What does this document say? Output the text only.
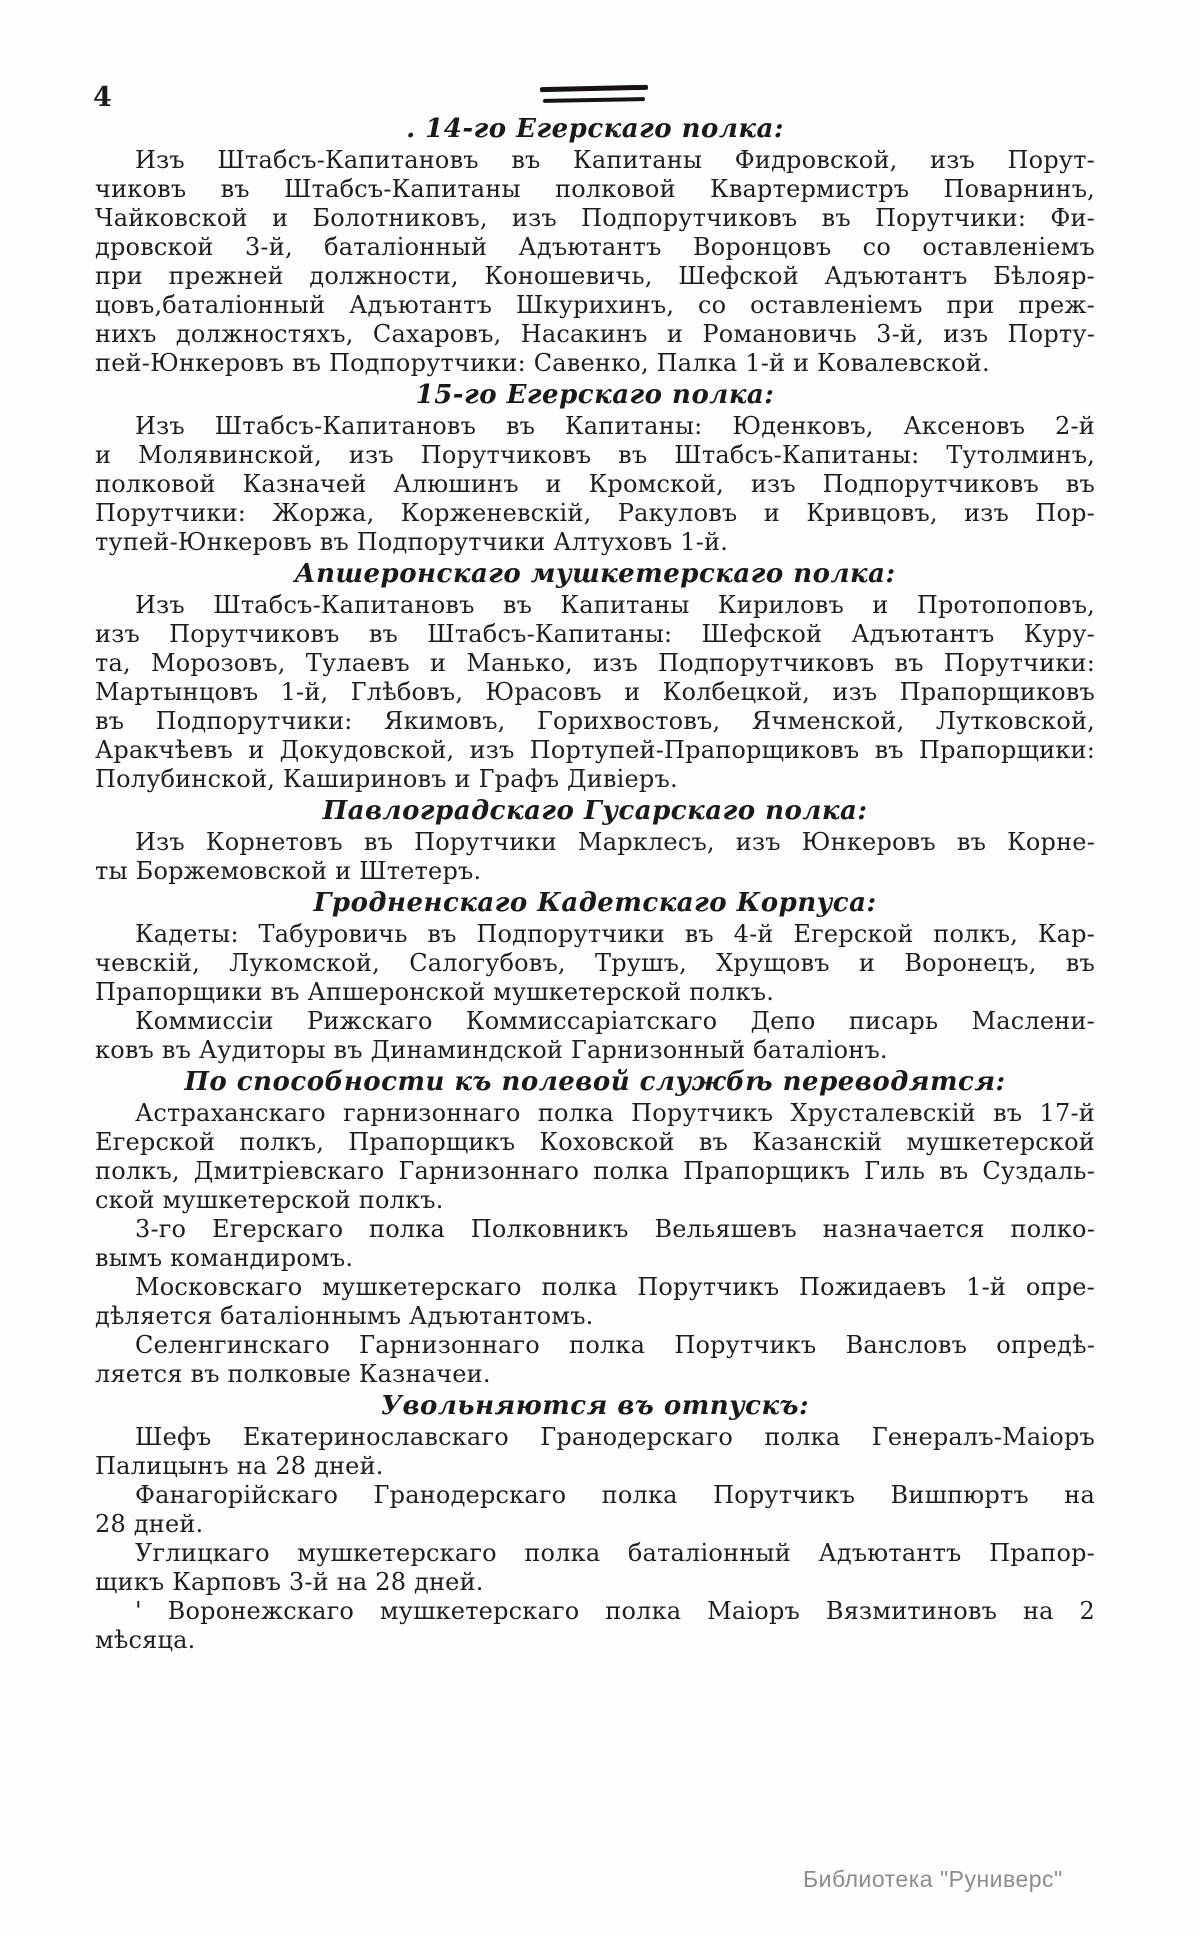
4
. 14-го Егерскаго полка:
Изъ Штабсъ-Капитановъ въ Капитаны Фидровской, изъ Порут-
чиковъ въ Штабсъ-Капитаны полковой Квартермистръ Поварнинъ,
Чайковской и Болотниковъ, изъ Подпорутчиковъ въ Порутчики: Фи-
дровской 3-й, баталіонный Адъютантъ Воронцовъ со оставленіемъ
при прежней должности, Коношевичь, Шефской Адъютантъ Бѣлояр-
цовъ,баталіонный Адъютантъ Шкурихинъ, со оставленіемъ при преж-
нихъ должностяхъ, Сахаровъ, Насакинъ и Романовичь 3-й, изъ Порту-
пей-Юнкеровъ въ Подпорутчики: Савенко, Палка 1-й и Ковалевской.
15-го Егерскаго полка:
Изъ Штабсъ-Капитановъ въ Капитаны: Юденковъ, Аксеновъ 2-й
и Молявинской, изъ Порутчиковъ въ Штабсъ-Капитаны: Тутолминъ,
полковой Казначей Алюшинъ и Кромской, изъ Подпорутчиковъ въ
Порутчики: Жоржа, Корженевскій, Ракуловъ и Кривцовъ, изъ Пор-
тупей-Юнкеровъ въ Подпорутчики Алтуховъ 1-й.
Апшеронскаго мушкетерскаго полка:
Изъ Штабсъ-Капитановъ въ Капитаны Кириловъ и Протопоповъ,
изъ Порутчиковъ въ Штабсъ-Капитаны: Шефской Адъютантъ Куру-
та, Морозовъ, Тулаевъ и Манько, изъ Подпорутчиковъ въ Порутчики:
Мартынцовъ 1-й, Глѣбовъ, Юрасовъ и Колбецкой, изъ Прапорщиковъ
въ Подпорутчики: Якимовъ, Горихвостовъ, Ячменской, Лутковской,
Аракчѣевъ и Докудовской, изъ Портупей-Прапорщиковъ въ Прапорщики:
Полубинской, Кашириновъ и Графъ Дивіеръ.
Павлоградскаго Гусарскаго полка:
Изъ Корнетовъ въ Порутчики Марклесъ, изъ Юнкеровъ въ Корне-
ты Боржемовской и Штетеръ.
Гродненскаго Кадетскаго Корпуса:
Кадеты: Табуровичь въ Подпорутчики въ 4-й Егерской полкъ, Кар-
чевскій, Лукомской, Салогубовъ, Трушъ, Хрущовъ и Воронецъ, въ
Прапорщики въ Апшеронской мушкетерской полкъ.
Коммиссіи Рижскаго Коммиссаріатскаго Депо писарь Маслени-
ковъ въ Аудиторы въ Динаминдской Гарнизонный баталіонъ.
По способности къ полевой службѣ переводятся:
Астраханскаго гарнизоннаго полка Порутчикъ Хрусталевскій въ 17-й
Егерской полкъ, Прапорщикъ Коховской въ Казанскій мушкетерской
полкъ, Дмитріевскаго Гарнизоннаго полка Прапорщикъ Гиль въ Суздаль-
ской мушкетерской полкъ.
3-го Егерскаго полка Полковникъ Вельяшевъ назначается полко-
вымъ командиромъ.
Московскаго мушкетерскаго полка Порутчикъ Пожидаевъ 1-й опре-
дѣляется баталіоннымъ Адъютантомъ.
Селенгинскаго Гарнизоннаго полка Порутчикъ Вансловъ опредѣ-
ляется въ полковые Казначеи.
Увольняются въ отпускъ:
Шефъ Екатеринославскаго Гранодерскаго полка Генералъ-Маіоръ
Палицынъ на 28 дней.
Фанагорійскаго Гранодерскаго полка Порутчикъ Вишпюртъ на
28 дней.
Углицкаго мушкетерскаго полка баталіонный Адъютантъ Прапор-
щикъ Карповъ 3-й на 28 дней.
' Воронежскаго мушкетерскаго полка Маіоръ Вязмитиновъ на 2
мѣсяца.
Библиотека "Руниверс"
